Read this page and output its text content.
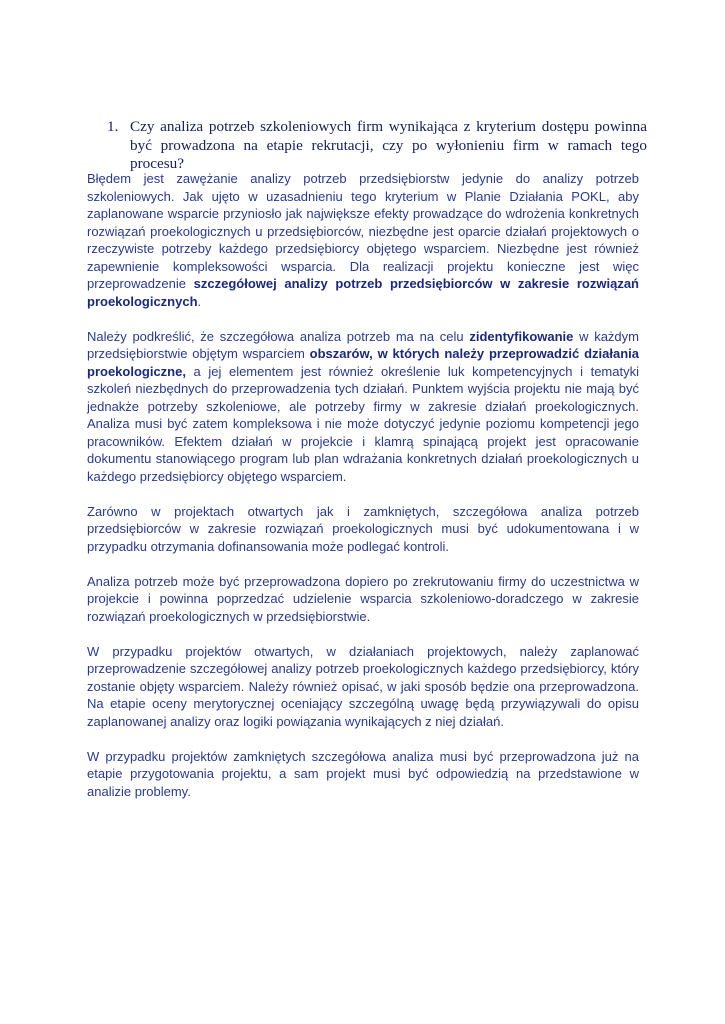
1. Czy analiza potrzeb szkoleniowych firm wynikająca z kryterium dostępu powinna być prowadzona na etapie rekrutacji, czy po wyłonieniu firm w ramach tego procesu?

Błędem jest zawężanie analizy potrzeb przedsiębiorstw jedynie do analizy potrzeb szkoleniowych. Jak ujęto w uzasadnieniu tego kryterium w Planie Działania POKL, aby zaplanowane wsparcie przyniosło jak największe efekty prowadzące do wdrożenia konkretnych rozwiązań proekologicznych u przedsiębiorców, niezbędne jest oparcie działań projektowych o rzeczywiste potrzeby każdego przedsiębiorcy objętego wsparciem. Niezbędne jest również zapewnienie kompleksowości wsparcia. Dla realizacji projektu konieczne jest więc przeprowadzenie szczegółowej analizy potrzeb przedsiębiorców w zakresie rozwiązań proekologicznych.

Należy podkreślić, że szczegółowa analiza potrzeb ma na celu zidentyfikowanie w każdym przedsiębiorstwie objętym wsparciem obszarów, w których należy przeprowadzić działania proekologiczne, a jej elementem jest również określenie luk kompetencyjnych i tematyki szkoleń niezbędnych do przeprowadzenia tych działań. Punktem wyjścia projektu nie mają być jednakże potrzeby szkoleniowe, ale potrzeby firmy w zakresie działań proekologicznych. Analiza musi być zatem kompleksowa i nie może dotyczyć jedynie poziomu kompetencji jego pracowników. Efektem działań w projekcie i klamrą spinającą projekt jest opracowanie dokumentu stanowiącego program lub plan wdrażania konkretnych działań proekologicznych u każdego przedsiębiorcy objętego wsparciem.

Zarówno w projektach otwartych jak i zamkniętych, szczegółowa analiza potrzeb przedsiębiorców w zakresie rozwiązań proekologicznych musi być udokumentowana i w przypadku otrzymania dofinansowania może podlegać kontroli.

Analiza potrzeb może być przeprowadzona dopiero po zrekrutowaniu firmy do uczestnictwa w projekcie i powinna poprzedzać udzielenie wsparcia szkoleniowo-doradczego w zakresie rozwiązań proekologicznych w przedsiębiorstwie.

W przypadku projektów otwartych, w działaniach projektowych, należy zaplanować przeprowadzenie szczegółowej analizy potrzeb proekologicznych każdego przedsiębiorcy, który zostanie objęty wsparciem. Należy również opisać, w jaki sposób będzie ona przeprowadzona. Na etapie oceny merytorycznej oceniający szczególną uwagę będą przywiązywali do opisu zaplanowanej analizy oraz logiki powiązania wynikających z niej działań.

W przypadku projektów zamkniętych szczegółowa analiza musi być przeprowadzona już na etapie przygotowania projektu, a sam projekt musi być odpowiedzią na przedstawione w analizie problemy.
